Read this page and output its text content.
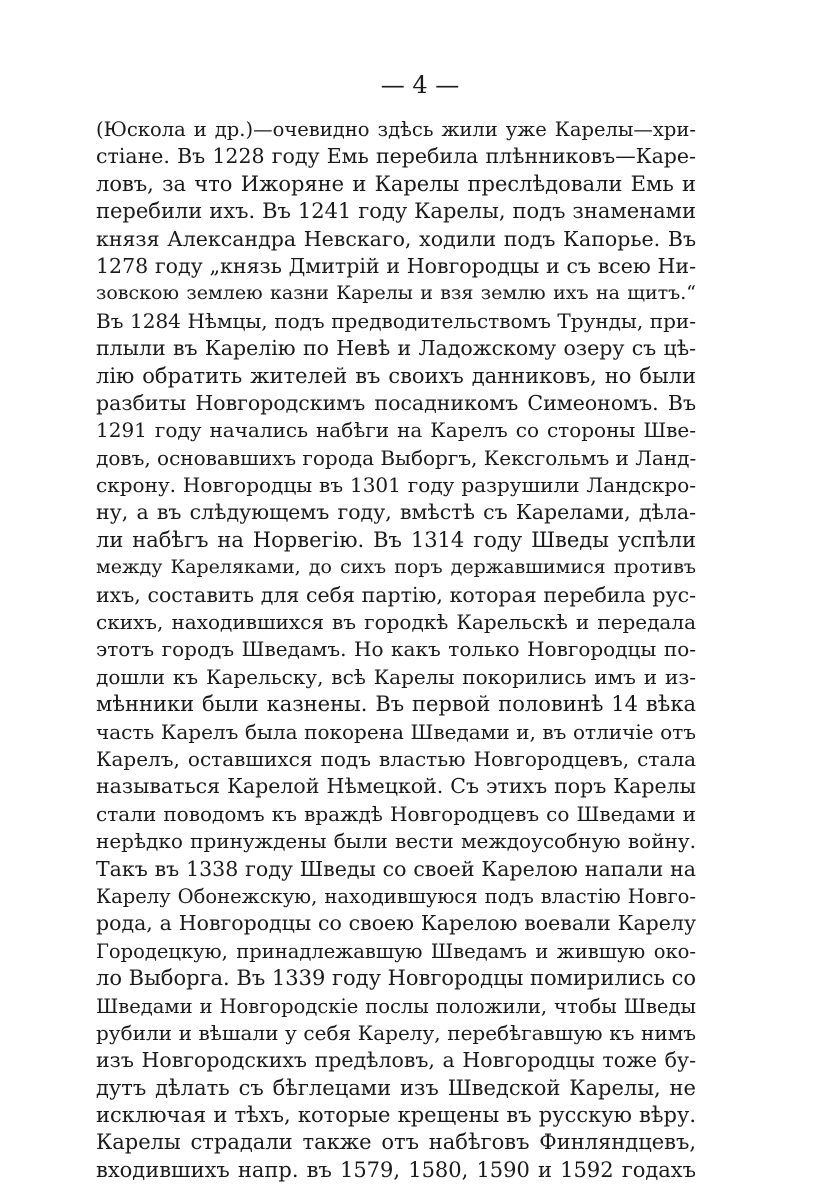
— 4 —
(Юскола и др.)—очевидно здѣсь жили уже Карелы—хри-
стіане. Въ 1228 году Емь перебила плѣнниковъ—Каре-
ловъ, за что Ижоряне и Карелы преслѣдовали Емь и
перебили ихъ. Въ 1241 году Карелы, подъ знаменами
князя Александра Невскаго, ходили подъ Капорье. Въ
1278 году „князь Дмитрій и Новгородцы и съ всею Ни-
зовскою землею казни Карелы и взя землю ихъ на щитъ.“
Въ 1284 Нѣмцы, подъ предводительствомъ Трунды, при-
плыли въ Карелію по Невѣ и Ладожскому озеру съ цѣ-
лію обратить жителей въ своихъ данниковъ, но были
разбиты Новгородскимъ посадникомъ Симеономъ. Въ
1291 году начались набѣги на Карелъ со стороны Шве-
довъ, основавшихъ города Выборгъ, Кексгольмъ и Ланд-
скрону. Новгородцы въ 1301 году разрушили Ландскро-
ну, а въ слѣдующемъ году, вмѣстѣ съ Карелами, дѣла-
ли набѣгъ на Норвегію. Въ 1314 году Шведы успѣли
между Кареляками, до сихъ поръ державшимися противъ
ихъ, составить для себя партію, которая перебила рус-
скихъ, находившихся въ городкѣ Карельскѣ и передала
этотъ городъ Шведамъ. Но какъ только Новгородцы по-
дошли къ Карельску, всѣ Карелы покорились имъ и из-
мѣнники были казнены. Въ первой половинѣ 14 вѣка
часть Карелъ была покорена Шведами и, въ отличіе отъ
Карелъ, оставшихся подъ властью Новгородцевъ, стала
называться Карелой Нѣмецкой. Съ этихъ поръ Карелы
стали поводомъ къ враждѣ Новгородцевъ со Шведами и
нерѣдко принуждены были вести междоусобную войну.
Такъ въ 1338 году Шведы со своей Карелою напали на
Карелу Обонежскую, находившуюся подъ властію Новго-
рода, а Новгородцы со своею Карелою воевали Карелу
Городецкую, принадлежавшую Шведамъ и жившую око-
ло Выборга. Въ 1339 году Новгородцы помирились со
Шведами и Новгородскіе послы положили, чтобы Шведы
рубили и вѣшали у себя Карелу, перебѣгавшую къ нимъ
изъ Новгородскихъ предѣловъ, а Новгородцы тоже бу-
дутъ дѣлать съ бѣглецами изъ Шведской Карелы, не
исключая и тѣхъ, которые крещены въ русскую вѣру.
Карелы страдали также отъ набѣговъ Финляндцевъ,
входившихъ напр. въ 1579, 1580, 1590 и 1592 годахъ
